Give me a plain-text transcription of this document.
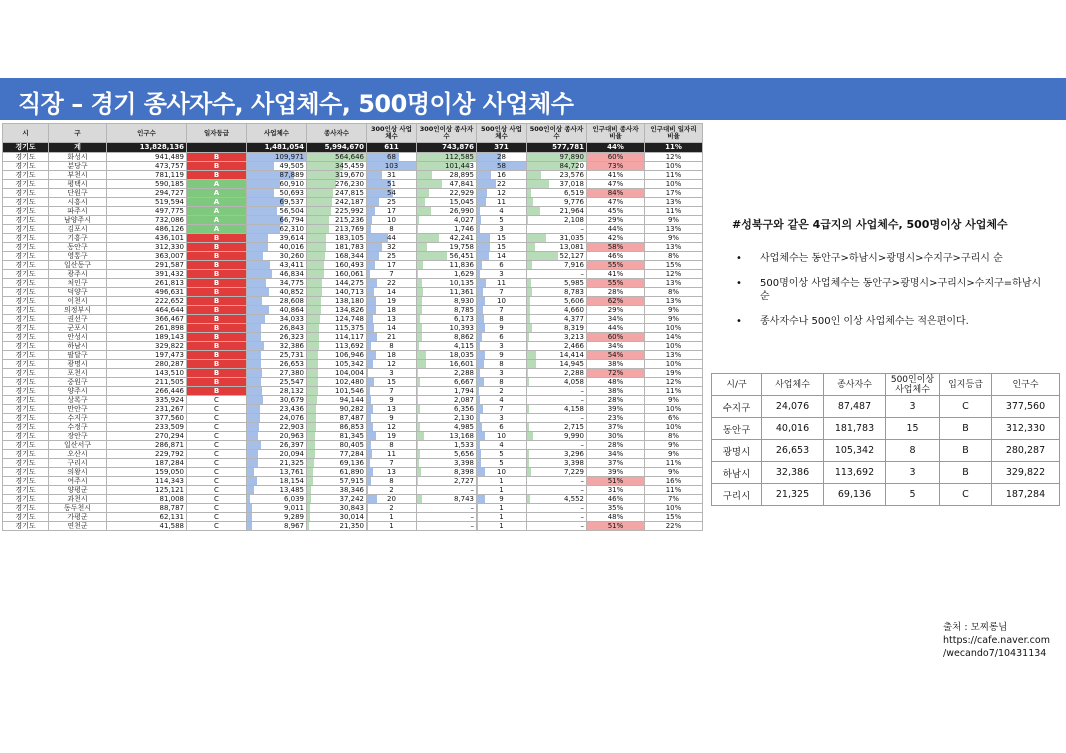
직장 – 경기 종사자수, 사업체수, 500명이상 사업체수
시	구	인구수	일자등급	사업체수	종사자수	300인상 사업체수	300인이상 종사자수	500인상 사업체수	500인이상 종사자수	인구대비 종사자 비율	인구대비 일자리 비율
경기도	계	13,828,136		1,481,054	5,994,670	611	743,876	371	577,781	44%	11%
경기도	화성시	941,489	B	109,971	564,646	68	112,585	28	97,890	60%	12%
경기도	분당구	473,757	B	49,505	345,459	103	101,443	58	84,720	73%	10%
경기도	부천시	781,119	B	87,889	319,670	31	28,895	16	23,576	41%	11%
경기도	평택시	590,185	A	60,910	276,230	51	47,841	22	37,018	47%	10%
경기도	단원구	294,727	A	50,693	247,815	54	22,929	12	6,519	84%	17%
경기도	시흥시	519,594	A	69,537	242,187	25	15,045	11	9,776	47%	13%
경기도	파주시	497,775	A	56,504	225,992	17	26,990	4	21,964	45%	11%
경기도	남양주시	732,086	A	66,794	215,236	10	4,027	5	2,108	29%	9%
경기도	김포시	486,126	A	62,310	213,769	8	1,746	3	–	44%	13%
경기도	기흥구	436,101	B	39,614	183,105	44	42,241	15	31,035	42%	9%
경기도	동안구	312,330	B	40,016	181,783	32	19,758	15	13,081	58%	13%
경기도	영통구	363,007	B	30,260	168,344	25	56,451	14	52,127	46%	8%
경기도	일산동구	291,587	B	43,411	160,493	17	11,836	6	7,916	55%	15%
경기도	광주시	391,432	B	46,834	160,061	7	1,629	3	–	41%	12%
경기도	처인구	261,813	B	34,775	144,275	22	10,135	11	5,985	55%	13%
경기도	덕양구	496,631	B	40,852	140,713	14	11,361	7	8,783	28%	8%
경기도	이천시	222,652	B	28,608	138,180	19	8,930	10	5,606	62%	13%
경기도	의정부시	464,644	B	40,864	134,826	18	8,785	7	4,660	29%	9%
경기도	권선구	366,467	B	34,033	124,748	13	6,173	8	4,377	34%	9%
경기도	군포시	261,898	B	26,843	115,375	14	10,393	9	8,319	44%	10%
경기도	안성시	189,143	B	26,323	114,117	21	8,862	6	3,213	60%	14%
경기도	하남시	329,822	B	32,386	113,692	8	4,115	3	2,466	34%	10%
경기도	팔달구	197,473	B	25,731	106,946	18	18,035	9	14,414	54%	13%
경기도	광명시	280,287	B	26,653	105,342	12	16,601	8	14,945	38%	10%
경기도	포천시	143,510	B	27,380	104,004	3	2,288	3	2,288	72%	19%
경기도	중원구	211,505	B	25,547	102,480	15	6,667	8	4,058	48%	12%
경기도	양주시	266,446	B	28,132	101,546	7	1,794	2	–	38%	11%
경기도	상록구	335,924	C	30,679	94,144	9	2,087	4	–	28%	9%
경기도	만안구	231,267	C	23,436	90,282	13	6,356	7	4,158	39%	10%
경기도	수지구	377,560	C	24,076	87,487	9	2,130	3	–	23%	6%
경기도	수정구	233,509	C	22,903	86,853	12	4,985	6	2,715	37%	10%
경기도	장안구	270,294	C	20,963	81,345	19	13,168	10	9,990	30%	8%
경기도	일산서구	286,871	C	26,397	80,405	8	1,533	4	–	28%	9%
경기도	오산시	229,792	C	20,094	77,284	11	5,656	5	3,296	34%	9%
경기도	구리시	187,284	C	21,325	69,136	7	3,398	5	3,398	37%	11%
경기도	의왕시	159,050	C	13,761	61,890	13	8,398	10	7,229	39%	9%
경기도	여주시	114,343	C	18,154	57,915	8	2,727	1	–	51%	16%
경기도	양평군	125,121	C	13,485	38,346	2	–	1	–	31%	11%
경기도	과천시	81,008	C	6,039	37,242	20	8,743	9	4,552	46%	7%
경기도	동두천시	88,787	C	9,011	30,843	2	–	1	–	35%	10%
경기도	가평군	62,131	C	9,289	30,014	1	–	1	–	48%	15%
경기도	연천군	41,588	C	8,967	21,350	1	–	1	–	51%	22%
#성북구와 같은 4급지의 사업체수, 500명이상 사업체수
• 사업체수는 동안구>하남시>광명시>수지구>구리시 순
• 500명이상 사업체수는 동안구>광명시>구리시>수지구=하남시 순
• 종사자수나 500인 이상 사업체수는 적은편이다.
시/구	사업체수	종사자수	500인이상 사업체수	입지등급	인구수
수지구	24,076	87,487	3	C	377,560
동안구	40,016	181,783	15	B	312,330
광명시	26,653	105,342	8	B	280,287
하남시	32,386	113,692	3	B	329,822
구리시	21,325	69,136	5	C	187,284
출처 : 모찌롱님
https://cafe.naver.com
/wecando7/10431134
